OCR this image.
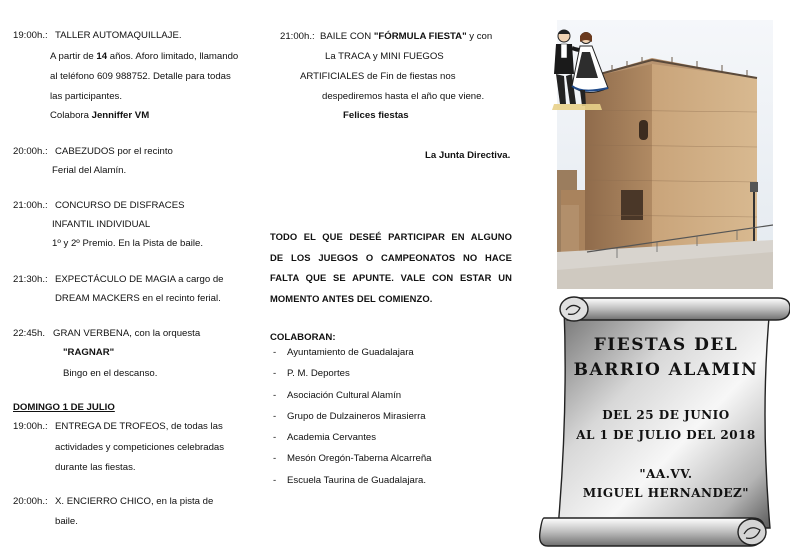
19:00h.: TALLER AUTOMAQUILLAJE.
A partir de 14 años. Aforo limitado, llamando
al teléfono 609 988752. Detalle para todas
las participantes.
Colabora Jenniffer VM
20:00h.: CABEZUDOS por el recinto
Ferial del Alamín.
21:00h.: CONCURSO DE DISFRACES
INFANTIL INDIVIDUAL
1º y 2º Premio. En la Pista de baile.
21:30h.: EXPECTÁCULO DE MAGIA a cargo de
DREAM MACKERS en el recinto ferial.
22:45h. GRAN VERBENA, con la orquesta
"RAGNAR"
Bingo en el descanso.
DOMINGO 1 DE JULIO
19:00h.: ENTREGA DE TROFEOS, de todas las
actividades y competiciones celebradas
durante las fiestas.
20:00h.: X. ENCIERRO CHICO, en la pista de
baile.
21:00h.: BAILE CON "FÓRMULA FIESTA" y con
La TRACA y MINI FUEGOS
ARTIFICIALES de Fin de fiestas nos
despediremos hasta el año que viene.
Felices fiestas
La Junta Directiva.
TODO EL QUE DESEÉ PARTICIPAR EN ALGUNO
DE LOS JUEGOS O CAMPEONATOS NO HACE
FALTA QUE SE APUNTE. VALE CON ESTAR UN
MOMENTO ANTES DEL COMIENZO.
COLABORAN:
- Ayuntamiento de Guadalajara
- P. M. Deportes
- Asociación Cultural Alamín
- Grupo de Dulzaineros Mirasierra
- Academia Cervantes
- Mesón Oregón-Taberna Alcarreña
- Escuela Taurina de Guadalajara.
FIESTAS DEL
BARRIO ALAMIN
DEL 25 DE JUNIO
AL 1 DE JULIO DEL 2018
"AA.VV.
MIGUEL HERNANDEZ"
